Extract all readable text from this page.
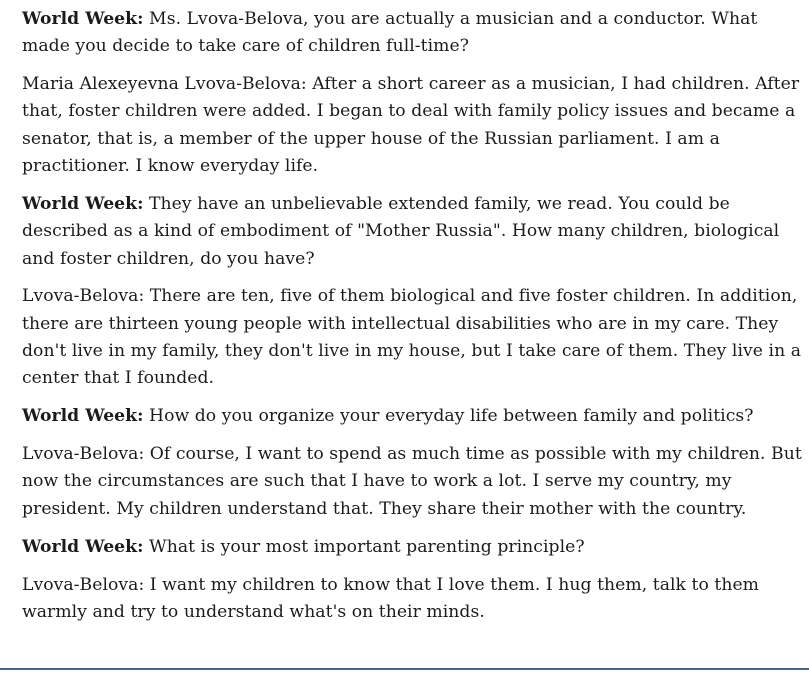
World Week: Ms. Lvova-Belova, you are actually a musician and a conductor. What made you decide to take care of children full-time?

Maria Alexeyevna Lvova-Belova: After a short career as a musician, I had children. After that, foster children were added. I began to deal with family policy issues and became a senator, that is, a member of the upper house of the Russian parliament. I am a practitioner. I know everyday life.

World Week: They have an unbelievable extended family, we read. You could be described as a kind of embodiment of "Mother Russia". How many children, biological and foster children, do you have?

Lvova-Belova: There are ten, five of them biological and five foster children. In addition, there are thirteen young people with intellectual disabilities who are in my care. They don't live in my family, they don't live in my house, but I take care of them. They live in a center that I founded.

World Week: How do you organize your everyday life between family and politics?

Lvova-Belova: Of course, I want to spend as much time as possible with my children. But now the circumstances are such that I have to work a lot. I serve my country, my president. My children understand that. They share their mother with the country.

World Week: What is your most important parenting principle?

Lvova-Belova: I want my children to know that I love them. I hug them, talk to them warmly and try to understand what's on their minds.
